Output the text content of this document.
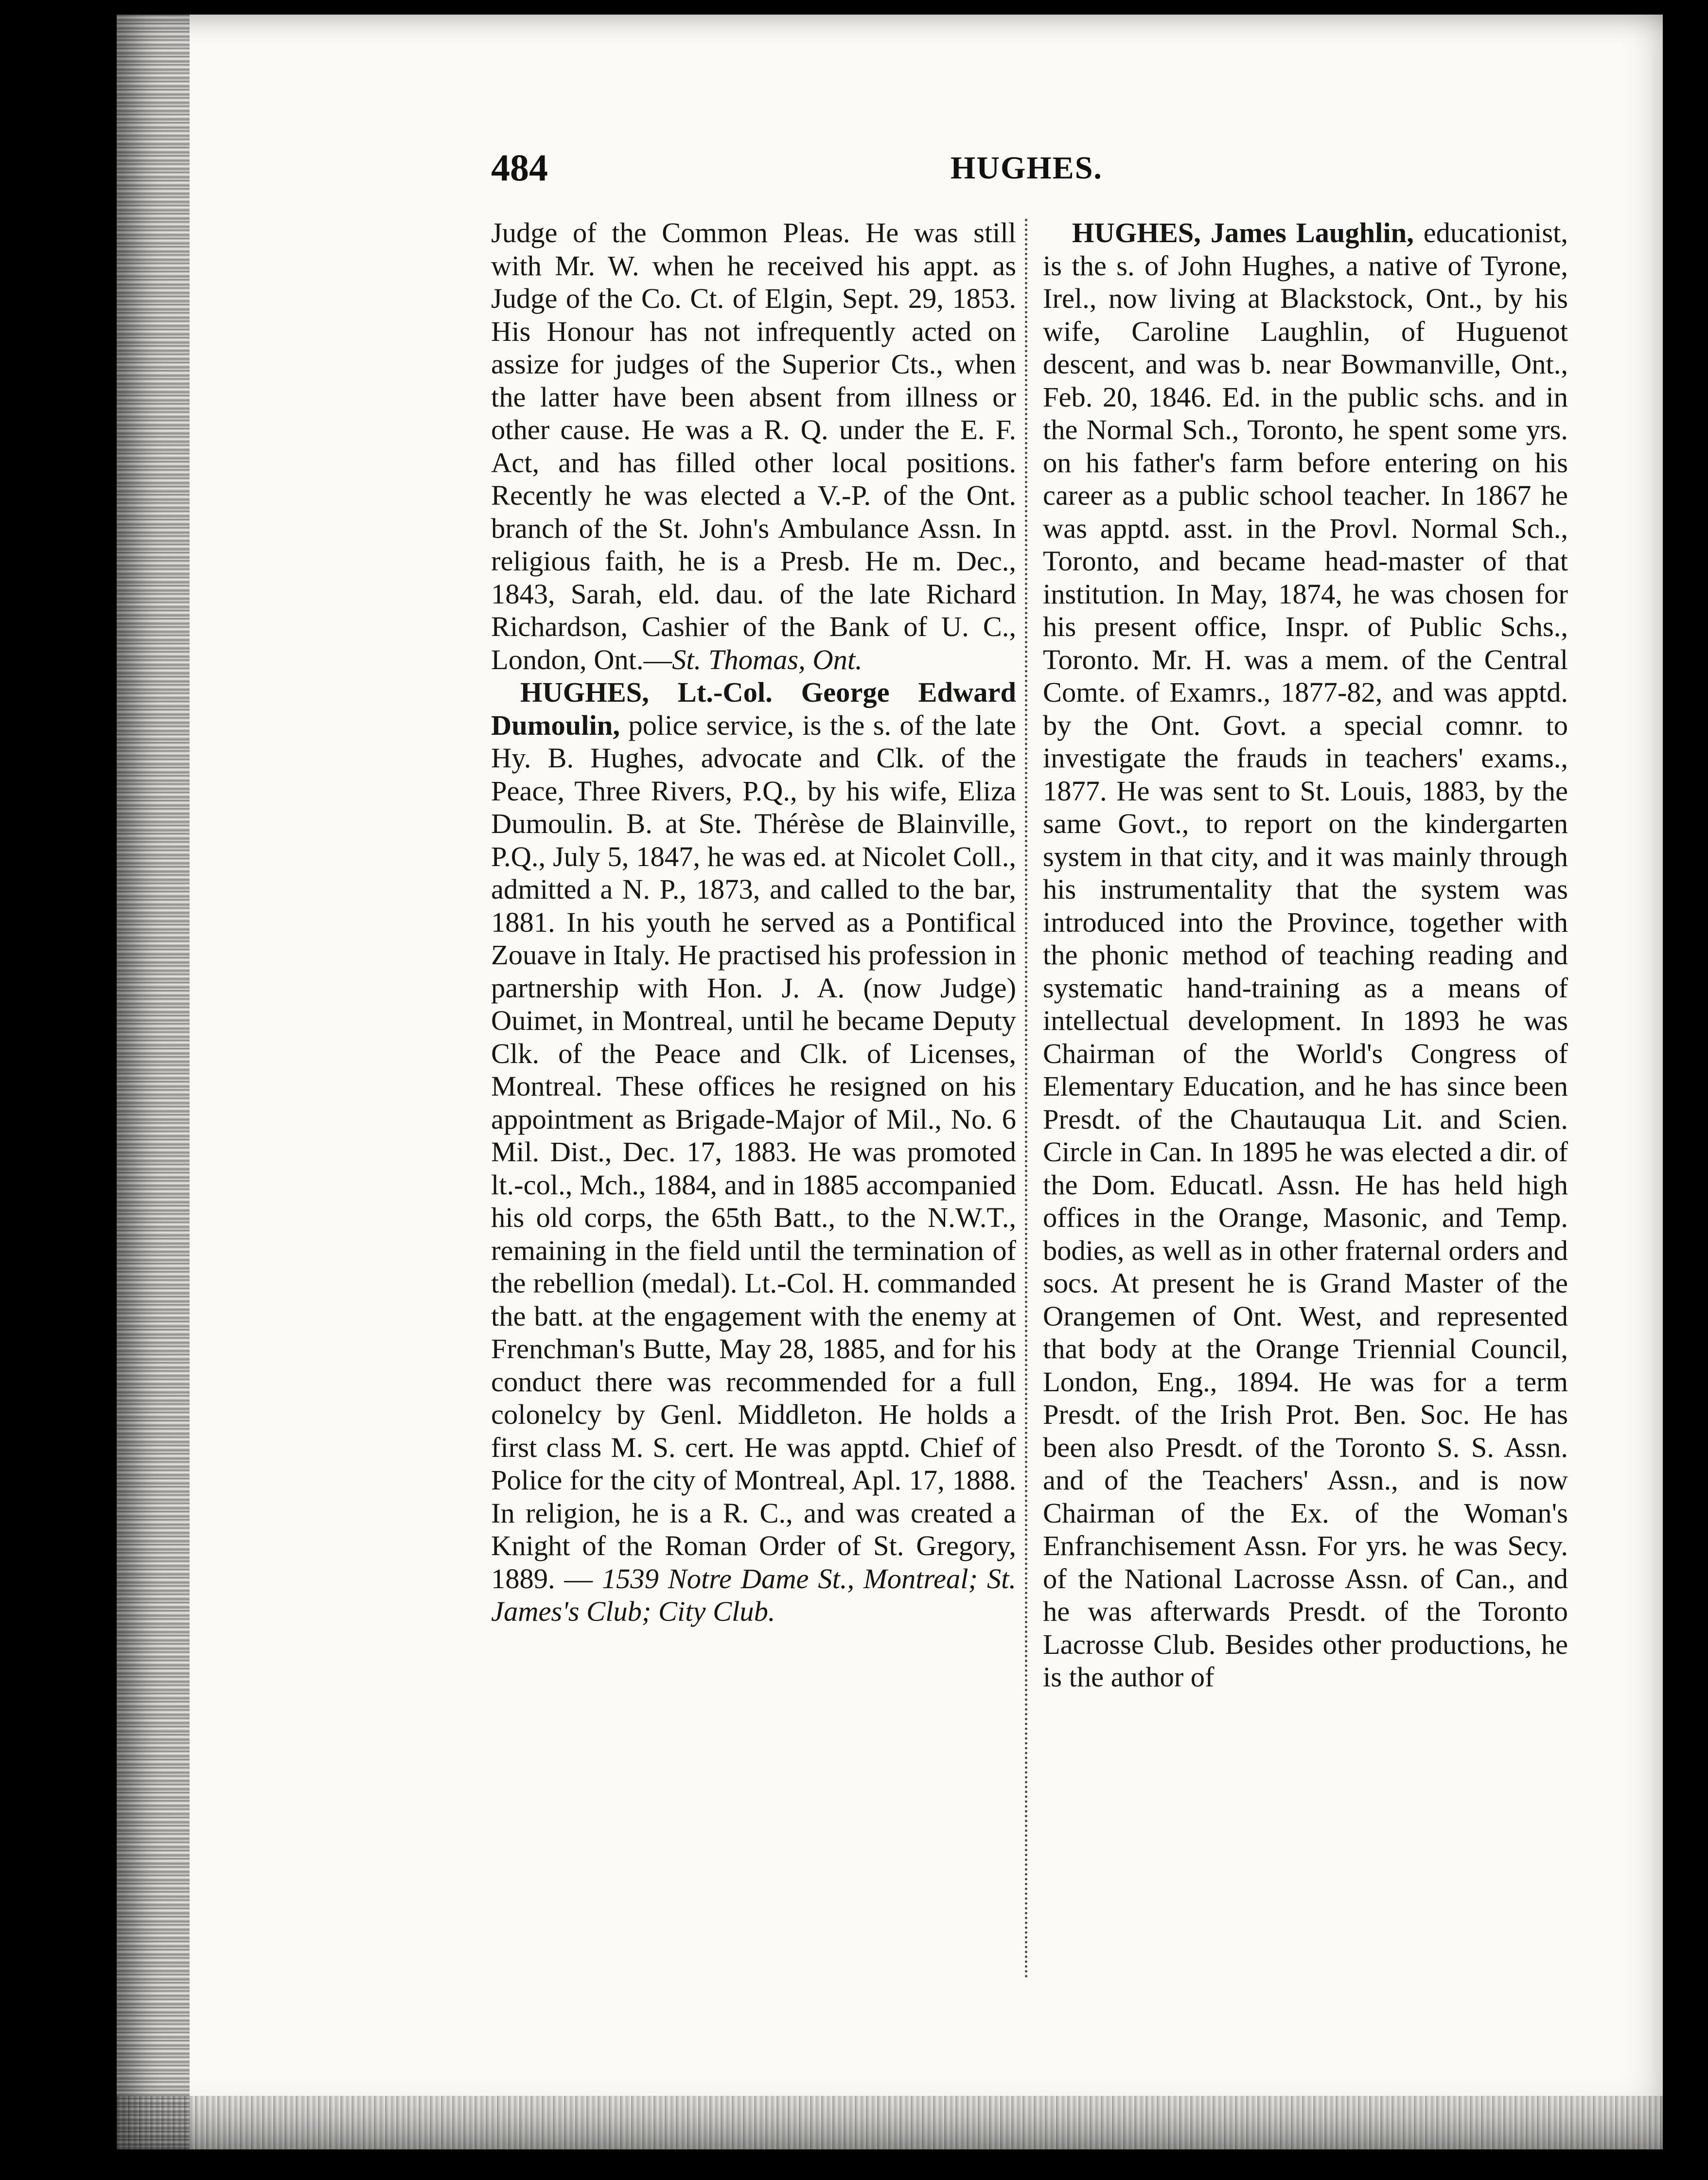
484	HUGHES.

Judge of the Common Pleas. He was still with Mr. W. when he received his appt. as Judge of the Co. Ct. of Elgin, Sept. 29, 1853. His Honour has not infrequently acted on assize for judges of the Superior Cts., when the latter have been absent from illness or other cause. He was a R. Q. under the E. F. Act, and has filled other local positions. Recently he was elected a V.-P. of the Ont. branch of the St. John's Ambulance Assn. In religious faith, he is a Presb. He m. Dec., 1843, Sarah, eld. dau. of the late Richard Richardson, Cashier of the Bank of U. C., London, Ont.—St. Thomas, Ont.

HUGHES, Lt.-Col. George Edward Dumoulin, police service, is the s. of the late Hy. B. Hughes, advocate and Clk. of the Peace, Three Rivers, P.Q., by his wife, Eliza Dumoulin. B. at Ste. Thérèse de Blainville, P.Q., July 5, 1847, he was ed. at Nicolet Coll., admitted a N. P., 1873, and called to the bar, 1881. In his youth he served as a Pontifical Zouave in Italy. He practised his profession in partnership with Hon. J. A. (now Judge) Ouimet, in Montreal, until he became Deputy Clk. of the Peace and Clk. of Licenses, Montreal. These offices he resigned on his appointment as Brigade-Major of Mil., No. 6 Mil. Dist., Dec. 17, 1883. He was promoted lt.-col., Mch., 1884, and in 1885 accompanied his old corps, the 65th Batt., to the N.W.T., remaining in the field until the termination of the rebellion (medal). Lt.-Col. H. commanded the batt. at the engagement with the enemy at Frenchman's Butte, May 28, 1885, and for his conduct there was recommended for a full colonelcy by Genl. Middleton. He holds a first class M. S. cert. He was apptd. Chief of Police for the city of Montreal, Apl. 17, 1888. In religion, he is a R. C., and was created a Knight of the Roman Order of St. Gregory, 1889. — 1539 Notre Dame St., Montreal; St. James's Club; City Club.

HUGHES, James Laughlin, educationist, is the s. of John Hughes, a native of Tyrone, Irel., now living at Blackstock, Ont., by his wife, Caroline Laughlin, of Huguenot descent, and was b. near Bowmanville, Ont., Feb. 20, 1846. Ed. in the public schs. and in the Normal Sch., Toronto, he spent some yrs. on his father's farm before entering on his career as a public school teacher. In 1867 he was apptd. asst. in the Provl. Normal Sch., Toronto, and became head-master of that institution. In May, 1874, he was chosen for his present office, Inspr. of Public Schs., Toronto. Mr. H. was a mem. of the Central Comte. of Examrs., 1877-82, and was apptd. by the Ont. Govt. a special comnr. to investigate the frauds in teachers' exams., 1877. He was sent to St. Louis, 1883, by the same Govt., to report on the kindergarten system in that city, and it was mainly through his instrumentality that the system was introduced into the Province, together with the phonic method of teaching reading and systematic hand-training as a means of intellectual development. In 1893 he was Chairman of the World's Congress of Elementary Education, and he has since been Presdt. of the Chautauqua Lit. and Scien. Circle in Can. In 1895 he was elected a dir. of the Dom. Educatl. Assn. He has held high offices in the Orange, Masonic, and Temp. bodies, as well as in other fraternal orders and socs. At present he is Grand Master of the Orangemen of Ont. West, and represented that body at the Orange Triennial Council, London, Eng., 1894. He was for a term Presdt. of the Irish Prot. Ben. Soc. He has been also Presdt. of the Toronto S. S. Assn. and of the Teachers' Assn., and is now Chairman of the Ex. of the Woman's Enfranchisement Assn. For yrs. he was Secy. of the National Lacrosse Assn. of Can., and he was afterwards Presdt. of the Toronto Lacrosse Club. Besides other productions, he is the author of
